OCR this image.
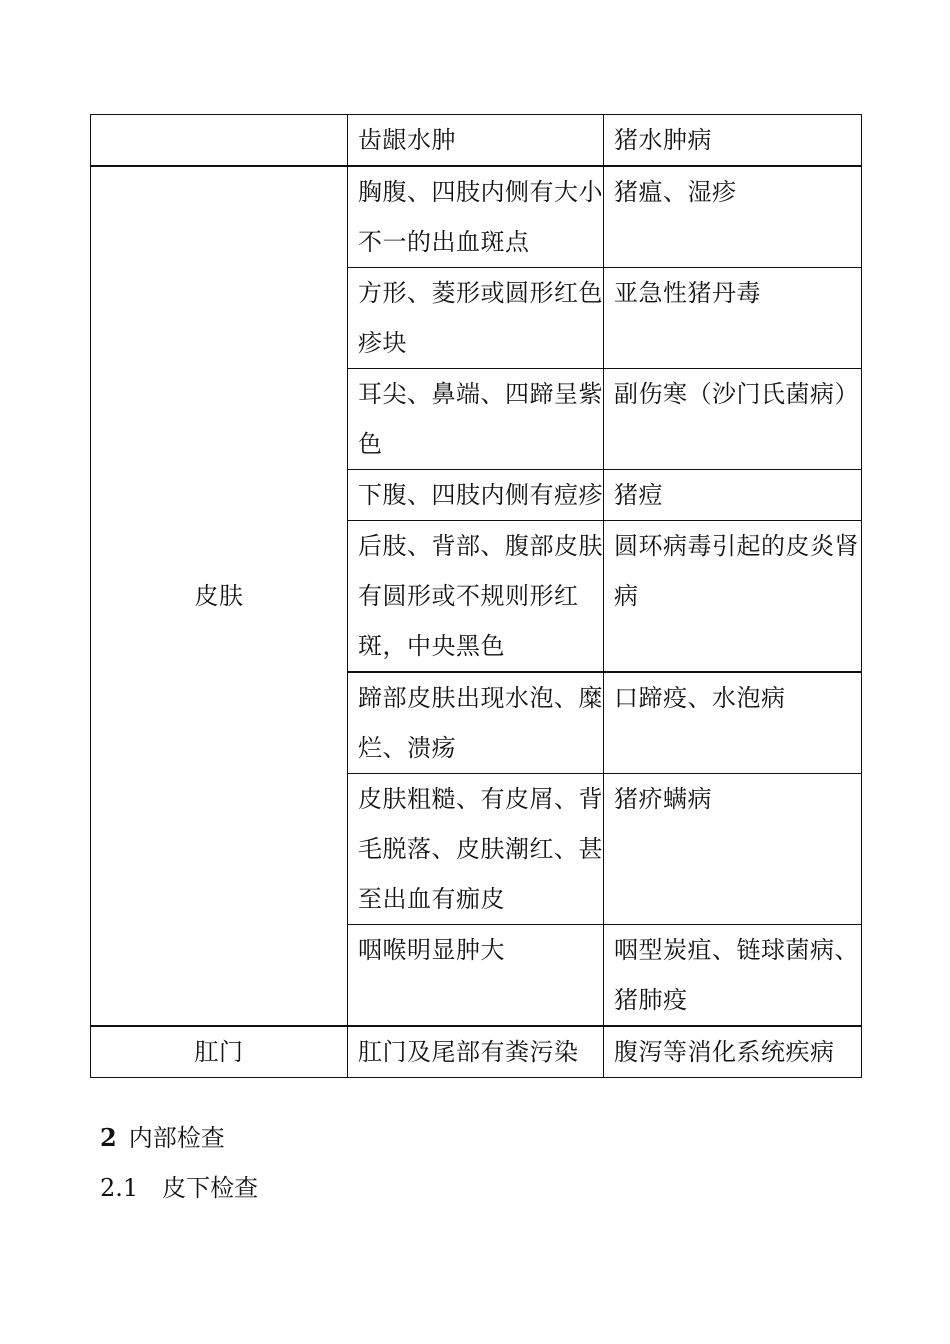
	齿龈水肿	猪水肿病
皮肤	胸腹、四肢内侧有大小不一的出血斑点	猪瘟、湿疹
	方形、菱形或圆形红色疹块	亚急性猪丹毒
	耳尖、鼻端、四蹄呈紫色	副伤寒（沙门氏菌病）
	下腹、四肢内侧有痘疹	猪痘
	后肢、背部、腹部皮肤有圆形或不规则形红斑，中央黑色	圆环病毒引起的皮炎肾病
	蹄部皮肤出现水泡、糜烂、溃疡	口蹄疫、水泡病
	皮肤粗糙、有皮屑、背毛脱落、皮肤潮红、甚至出血有痂皮	猪疥螨病
	咽喉明显肿大	咽型炭疽、链球菌病、猪肺疫
肛门	肛门及尾部有粪污染	腹泻等消化系统疾病
2 内部检查
2.1 皮下检查
